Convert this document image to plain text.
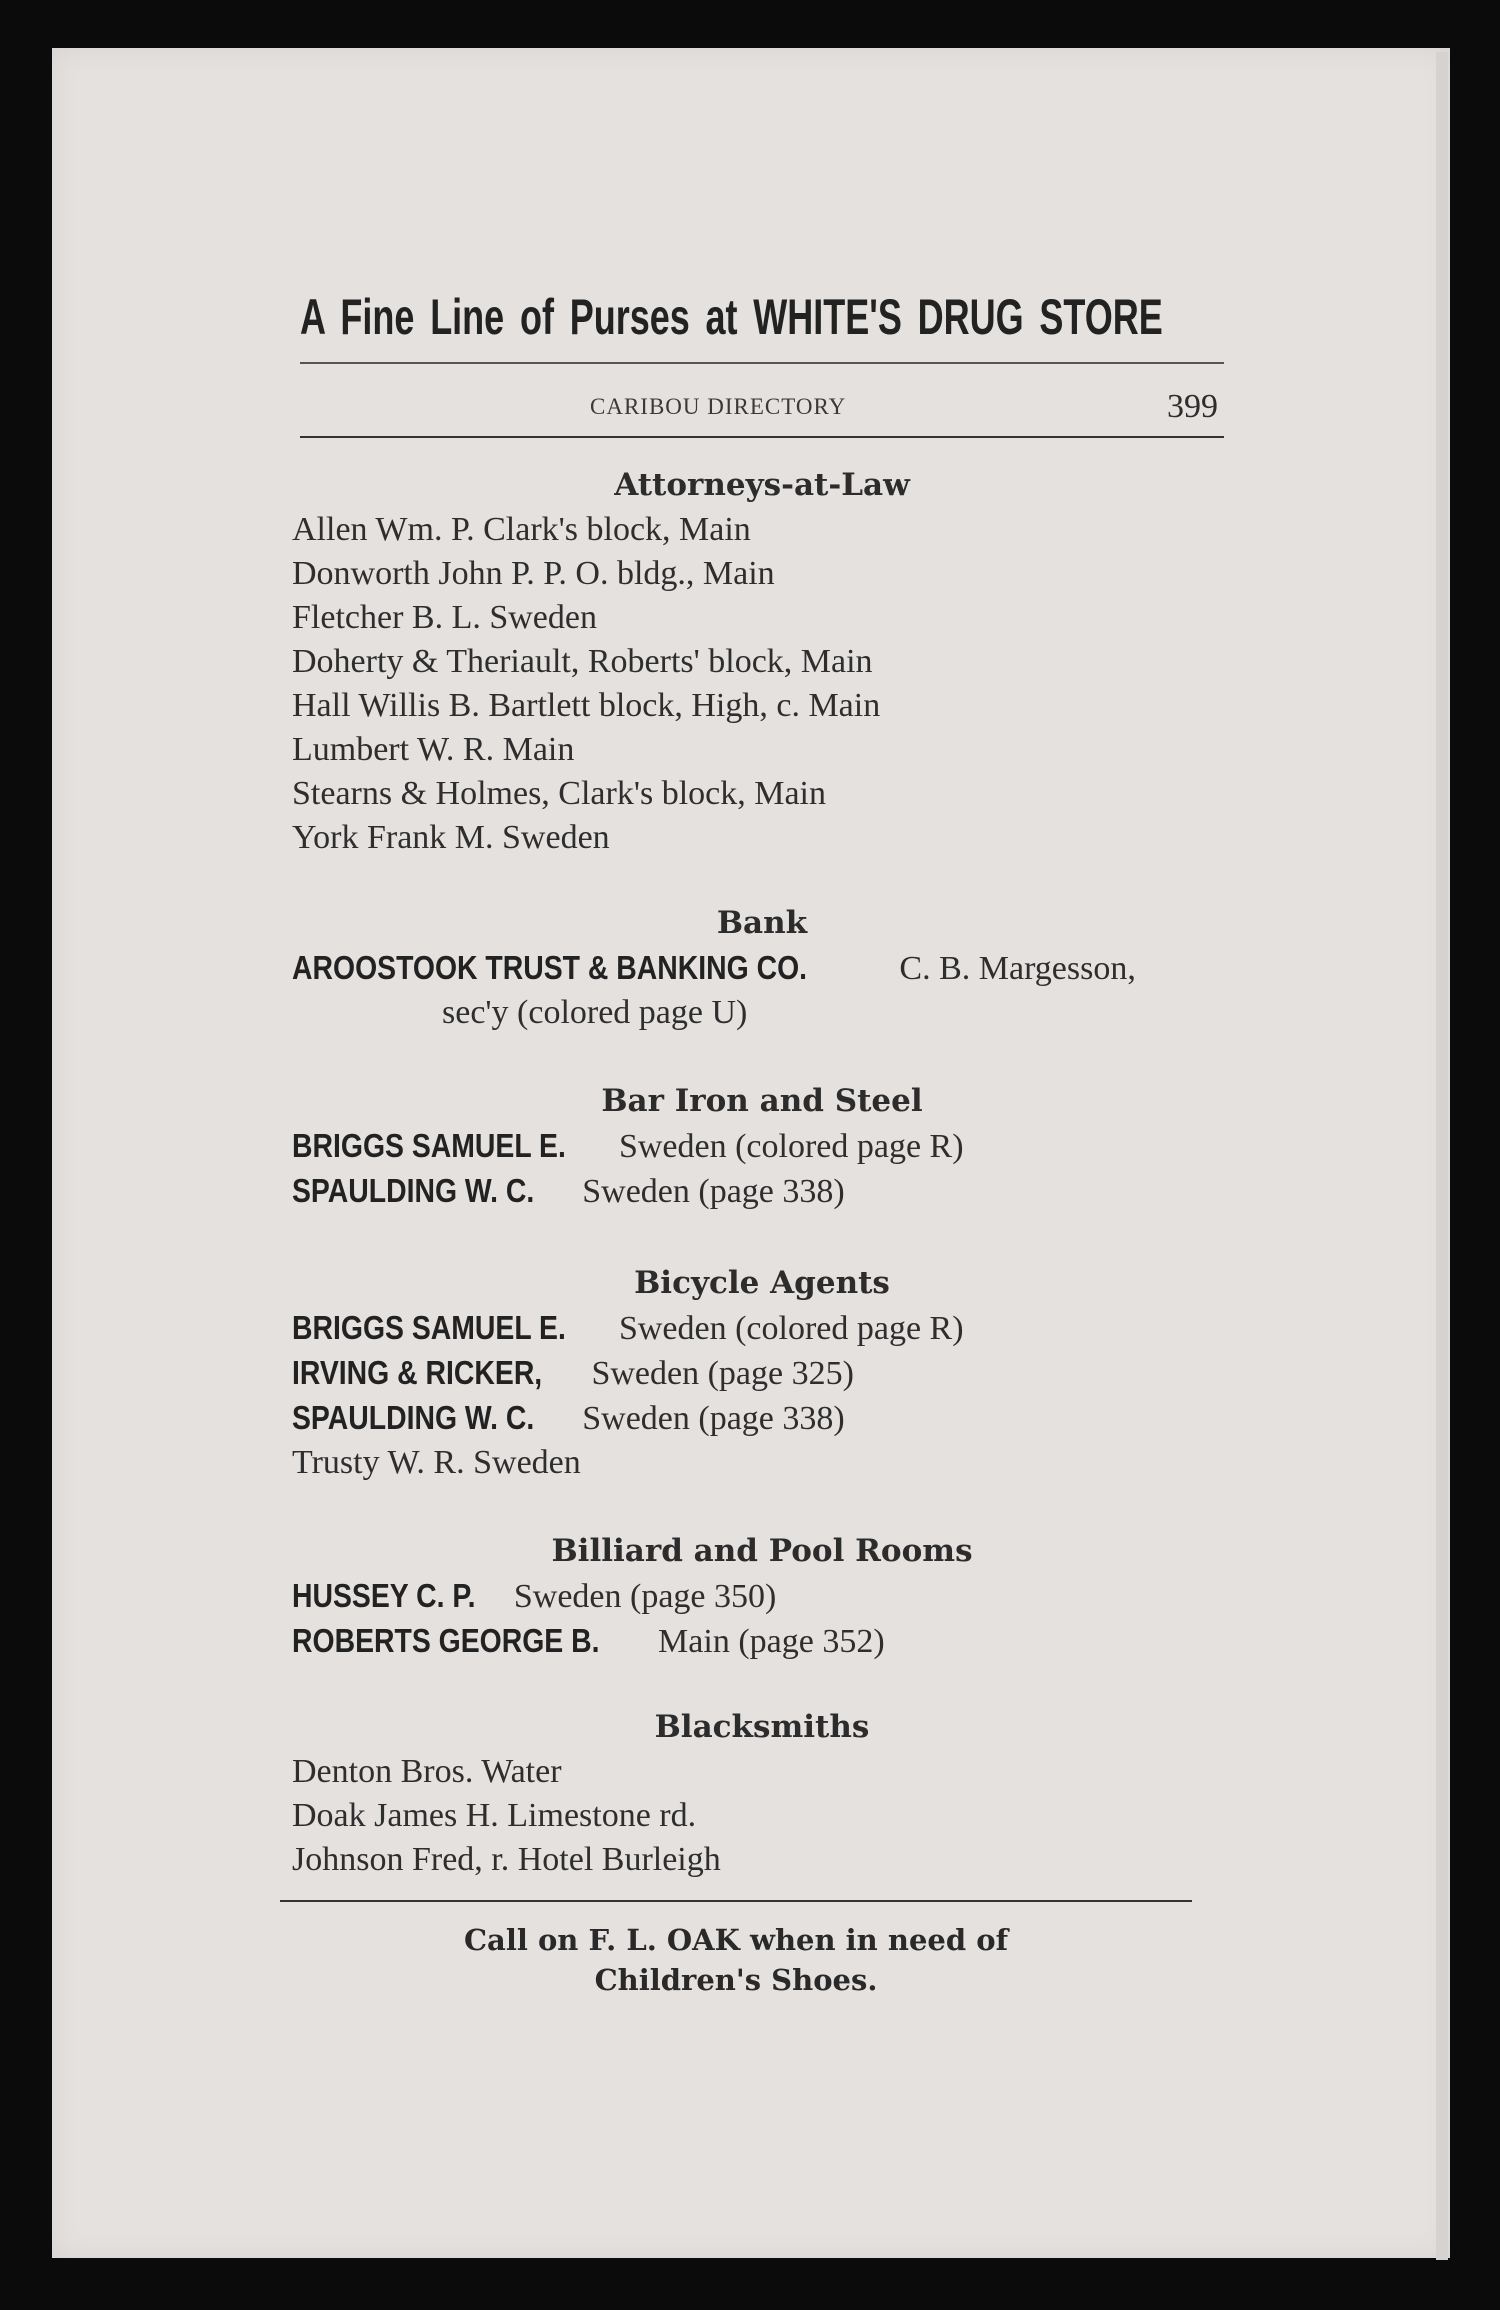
A Fine Line of Purses at WHITE'S DRUG STORE
CARIBOU DIRECTORY	399
Attorneys-at-Law
Allen Wm. P. Clark's block, Main
Donworth John P. P. O. bldg., Main
Fletcher B. L. Sweden
Doherty & Theriault, Roberts' block, Main
Hall Willis B. Bartlett block, High, c. Main
Lumbert W. R. Main
Stearns & Holmes, Clark's block, Main
York Frank M. Sweden
Bank
AROOSTOOK TRUST & BANKING CO.	C. B. Margesson,
sec'y (colored page U)
Bar Iron and Steel
BRIGGS SAMUEL E. Sweden (colored page R)
SPAULDING W. C. Sweden (page 338)
Bicycle Agents
BRIGGS SAMUEL E. Sweden (colored page R)
IRVING & RICKER, Sweden (page 325)
SPAULDING W. C. Sweden (page 338)
Trusty W. R. Sweden
Billiard and Pool Rooms
HUSSEY C. P. Sweden (page 350)
ROBERTS GEORGE B. Main (page 352)
Blacksmiths
Denton Bros. Water
Doak James H. Limestone rd.
Johnson Fred, r. Hotel Burleigh
Call on F. L. OAK when in need of
Children's Shoes.
